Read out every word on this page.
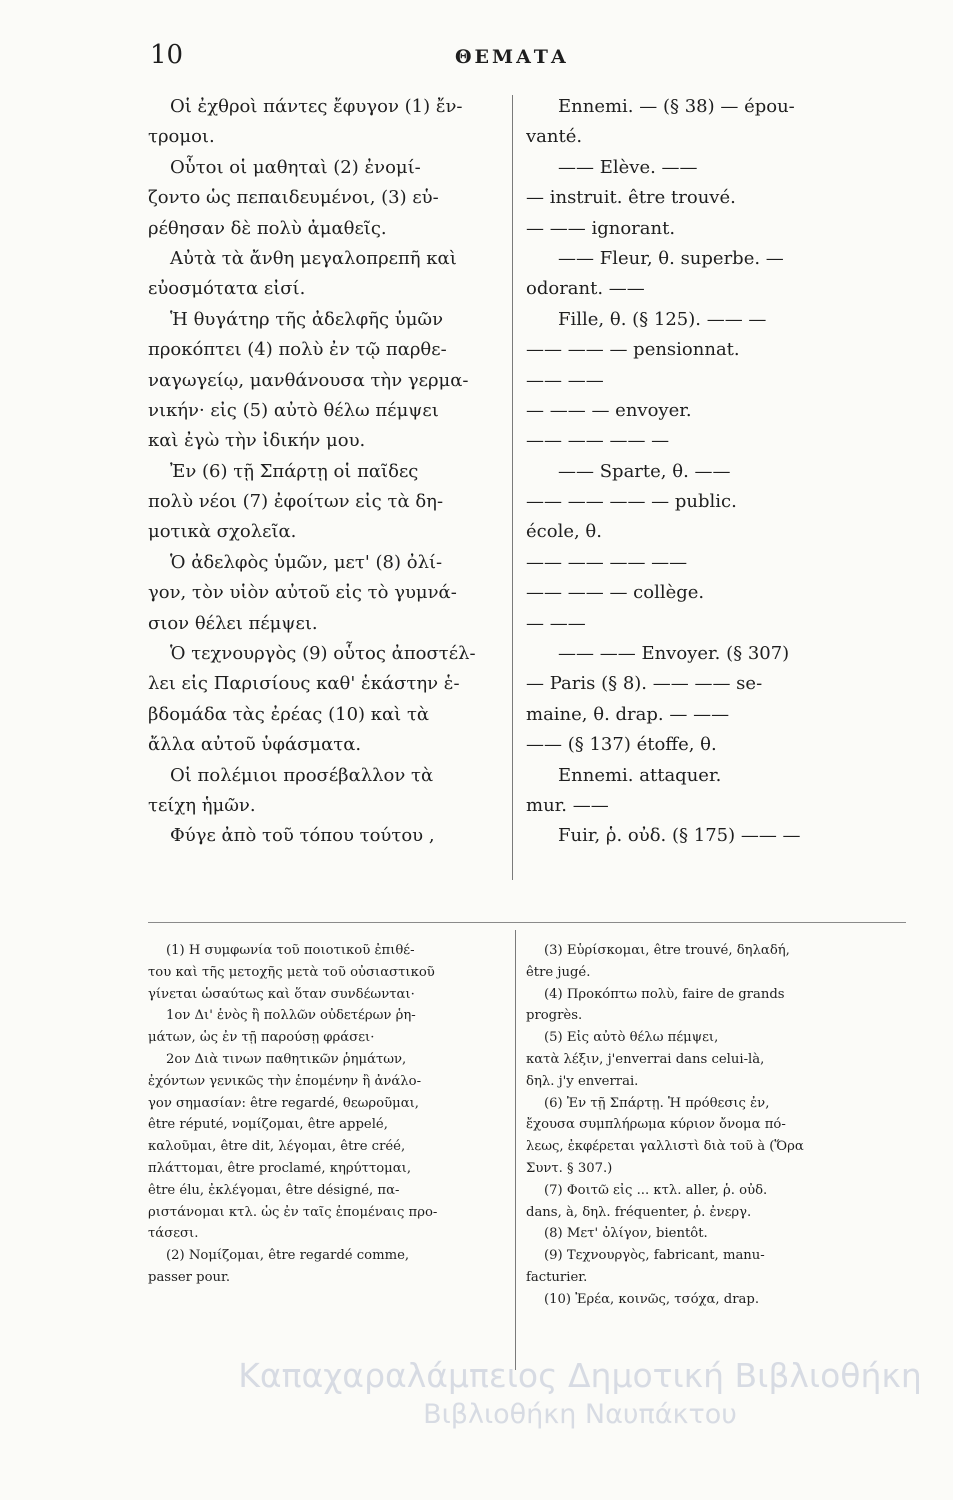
10	ΘΕΜΑΤΑ
Οἱ ἐχθροὶ πάντες ἔφυγον (1) ἔν-
τρομοι.
Οὗτοι οἱ μαθηταὶ (2) ἐνομί-
ζοντο ὡς πεπαιδευμένοι, (3) εὑ-
ρέθησαν δὲ πολὺ ἀμαθεῖς.
Αὐτὰ τὰ ἄνθη μεγαλοπρεπῆ καὶ
εὐοσμότατα εἰσί.
Ἡ θυγάτηρ τῆς ἀδελφῆς ὑμῶν
προκόπτει (4) πολὺ ἐν τῷ παρθε-
ναγωγείῳ, μανθάνουσα τὴν γερμα-
νικήν· εἰς (5) αὐτὸ θέλω πέμψει
καὶ ἐγὼ τὴν ἰδικήν μου.
Ἐν (6) τῇ Σπάρτῃ οἱ παῖδες
πολὺ νέοι (7) ἐφοίτων εἰς τὰ δη-
μοτικὰ σχολεῖα.
Ὁ ἀδελφὸς ὑμῶν, μετ' (8) ὀλί-
γον, τὸν υἱὸν αὐτοῦ εἰς τὸ γυμνά-
σιον θέλει πέμψει.
Ὁ τεχνουργὸς (9) οὗτος ἀποστέλ-
λει εἰς Παρισίους καθ' ἑκάστην ἑ-
βδομάδα τὰς ἐρέας (10) καὶ τὰ
ἄλλα αὐτοῦ ὑφάσματα.
Οἱ πολέμιοι προσέβαλλον τὰ
τείχη ἡμῶν.
Φύγε ἀπὸ τοῦ τόπου τούτου ,
Ennemi. — (§ 38) — épou-
vanté.
—— Elève. ——
— instruit. être trouvé.
— —— ignorant.
—— Fleur, θ. superbe. —
odorant. ——
Fille, θ. (§ 125). —— —
—— —— — pensionnat.
—— ——
— —— — envoyer.
—— —— —— —
—— Sparte, θ. ——
—— —— —— — public.
école, θ.
—— —— —— ——
—— —— — collège.
— ——
—— —— Envoyer. (§ 307)
— Paris (§ 8). —— —— se-
maine, θ. drap. — ——
—— (§ 137) étoffe, θ.
Ennemi. attaquer.
mur. ——
Fuir, ῥ. οὐδ. (§ 175) —— —
(1) Η συμφωνία τοῦ ποιοτικοῦ ἐπιθέ-
του καὶ τῆς μετοχῆς μετὰ τοῦ οὐσιαστικοῦ
γίνεται ὡσαύτως καὶ ὅταν συνδέωνται·
1ον Δι' ἑνὸς ἢ πολλῶν οὐδετέρων ῥη-
μάτων, ὡς ἐν τῇ παρούσῃ φράσει·
2ον Διὰ τινων παθητικῶν ῥημάτων,
ἐχόντων γενικῶς τὴν ἑπομένην ἢ ἀνάλο-
γον σημασίαν: être regardé, θεωροῦμαι,
être réputé, νομίζομαι, être appelé,
καλοῦμαι, être dit, λέγομαι, être créé,
πλάττομαι, être proclamé, κηρύττομαι,
être élu, ἐκλέγομαι, être désigné, πα-
ριστάνομαι κτλ. ὡς ἐν ταῖς ἑπομέναις προ-
τάσεσι.
(2) Νομίζομαι, être regardé comme,
passer pour.
(3) Εὑρίσκομαι, être trouvé, δηλαδή,
être jugé.
(4) Προκόπτω πολὺ, faire de grands
progrès.
(5) Εἰς αὐτὸ θέλω πέμψει,
κατὰ λέξιν, j'enverrai dans celui-là,
δηλ. j'y enverrai.
(6) Ἐν τῇ Σπάρτῃ. Ἡ πρόθεσις ἐν,
ἔχουσα συμπλήρωμα κύριον ὄνομα πό-
λεως, ἐκφέρεται γαλλιστὶ διὰ τοῦ à (Ὅρα
Συντ. § 307.)
(7) Φοιτῶ εἰς ... κτλ. aller, ῥ. οὐδ.
dans, à, δηλ. fréquenter, ῥ. ἐνεργ.
(8) Μετ' ὀλίγον, bientôt.
(9) Τεχνουργὸς, fabricant, manu-
facturier.
(10) Ἐρέα, κοινῶς, τσόχα, drap.
Καπαχαραλάμπειος Δημοτική Βιβλιοθήκη
Βιβλιοθήκη Ναυπάκτου
